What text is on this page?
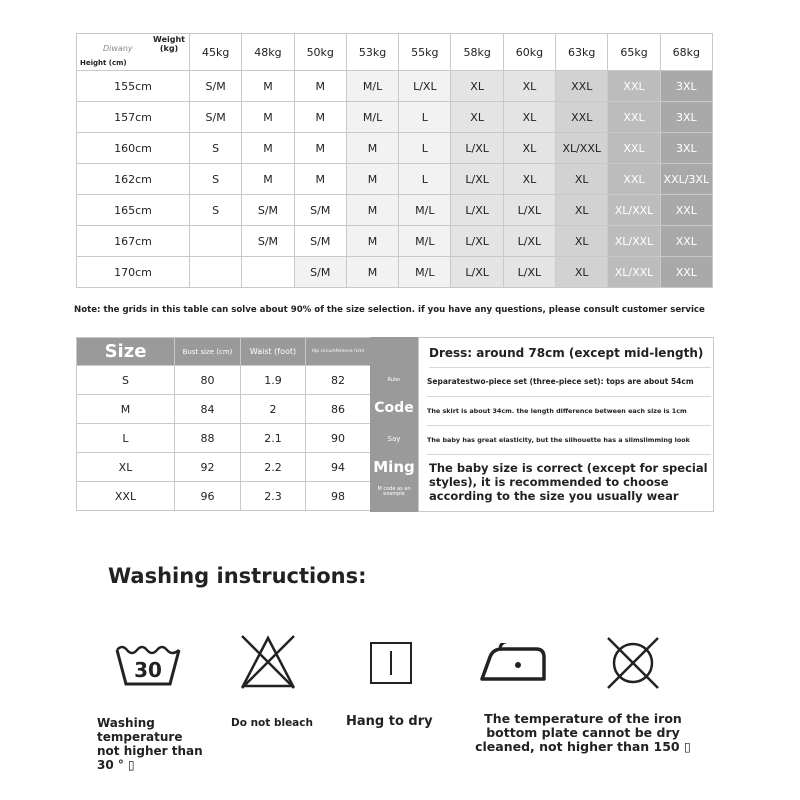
Weight
(kg)
Diwany
Height (cm)	45kg	48kg	50kg	53kg	55kg	58kg	60kg	63kg	65kg	68kg
155cm	S/M	M	M	M/L	L/XL	XL	XL	XXL	XXL	3XL
157cm	S/M	M	M	M/L	L	XL	XL	XXL	XXL	3XL
160cm	S	M	M	M	L	L/XL	XL	XL/XXL	XXL	3XL
162cm	S	M	M	M	L	L/XL	XL	XL	XXL	XXL/3XL
165cm	S	S/M	S/M	M	M/L	L/XL	L/XL	XL	XL/XXL	XXL
167cm		S/M	S/M	M	M/L	L/XL	L/XL	XL	XL/XXL	XXL
170cm			S/M	M	M/L	L/XL	L/XL	XL	XL/XXL	XXL
Note: the grids in this table can solve about 90% of the size selection. if you have any questions, please consult customer service
Size	Bust size (cm)	Waist (foot)	Hip circumference (cm)
S	80	1.9	82
M	84	2	86
L	88	2.1	90
XL	92	2.2	94
XXL	96	2.3	98
Ruler
Code
Say
Ming
M code as an example
Dress: around 78cm (except mid-length)
Separatestwo-piece set (three-piece set): tops are about 54cm
The skirt is about 34cm. the length difference between each size is 1cm
The baby has great elasticity, but the silhouette has a slimslimming look
The baby size is correct (except for special styles), it is recommended to choose according to the size you usually wear
Washing instructions:
30
Washing temperature not higher than 30 ° ▯
Do not bleach	Hang to dry	The temperature of the iron bottom plate cannot be dry cleaned, not higher than 150 ▯
